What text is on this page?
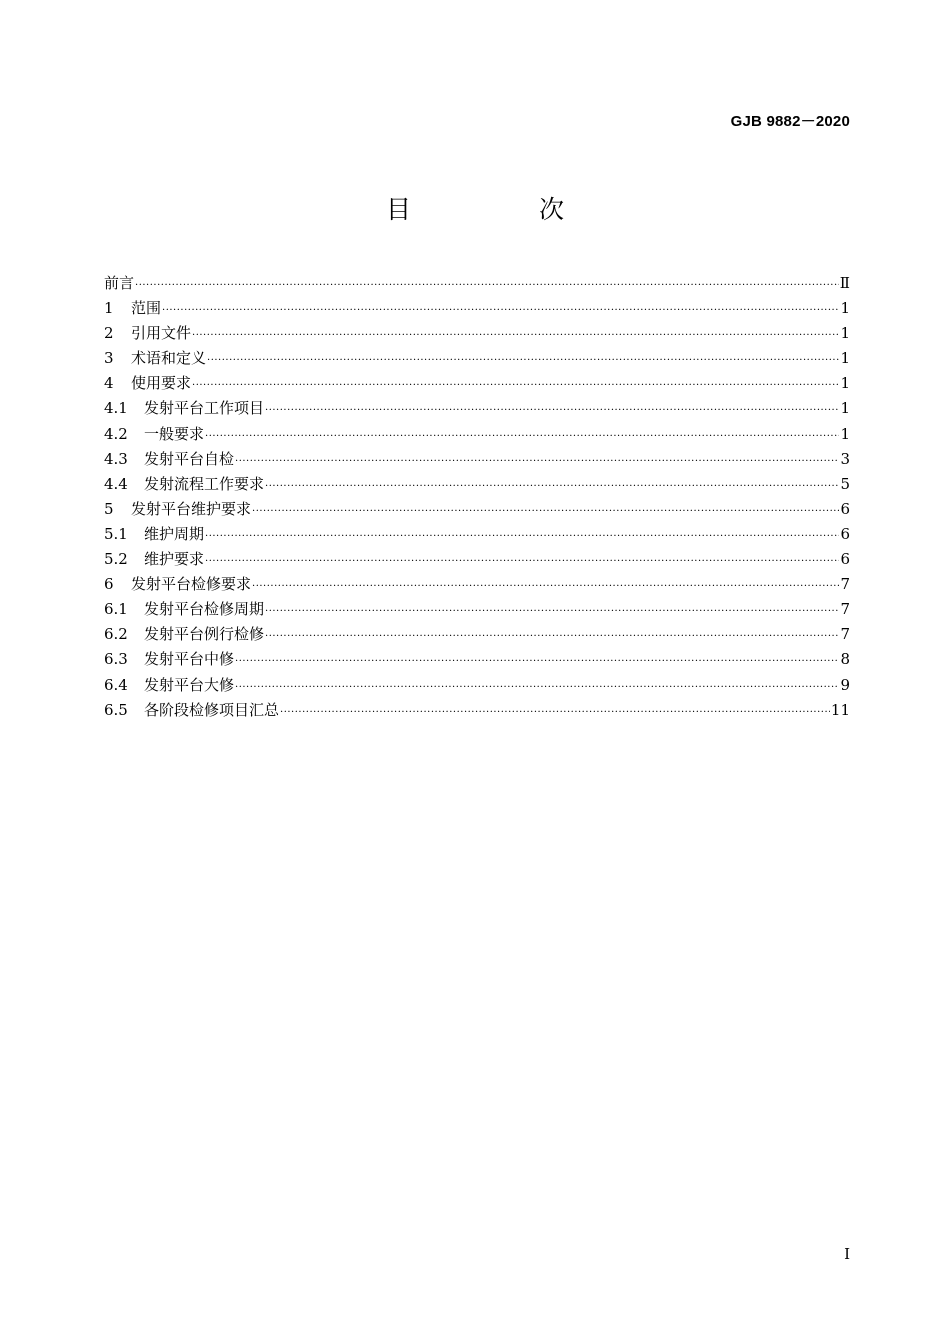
GJB 9882－2020
目 次
前言 ·····	Ⅱ
1	范围 ·····	1
2	引用文件 ·····	1
3	术语和定义 ·····	1
4	使用要求 ·····	1
4.1	发射平台工作项目 ·····	1
4.2	一般要求 ·····	1
4.3	发射平台自检 ·····	3
4.4	发射流程工作要求 ·····	5
5	发射平台维护要求 ·····	6
5.1	维护周期 ·····	6
5.2	维护要求 ·····	6
6	发射平台检修要求 ·····	7
6.1	发射平台检修周期 ·····	7
6.2	发射平台例行检修 ·····	7
6.3	发射平台中修 ·····	8
6.4	发射平台大修 ·····	9
6.5	各阶段检修项目汇总 ·····	11
I
